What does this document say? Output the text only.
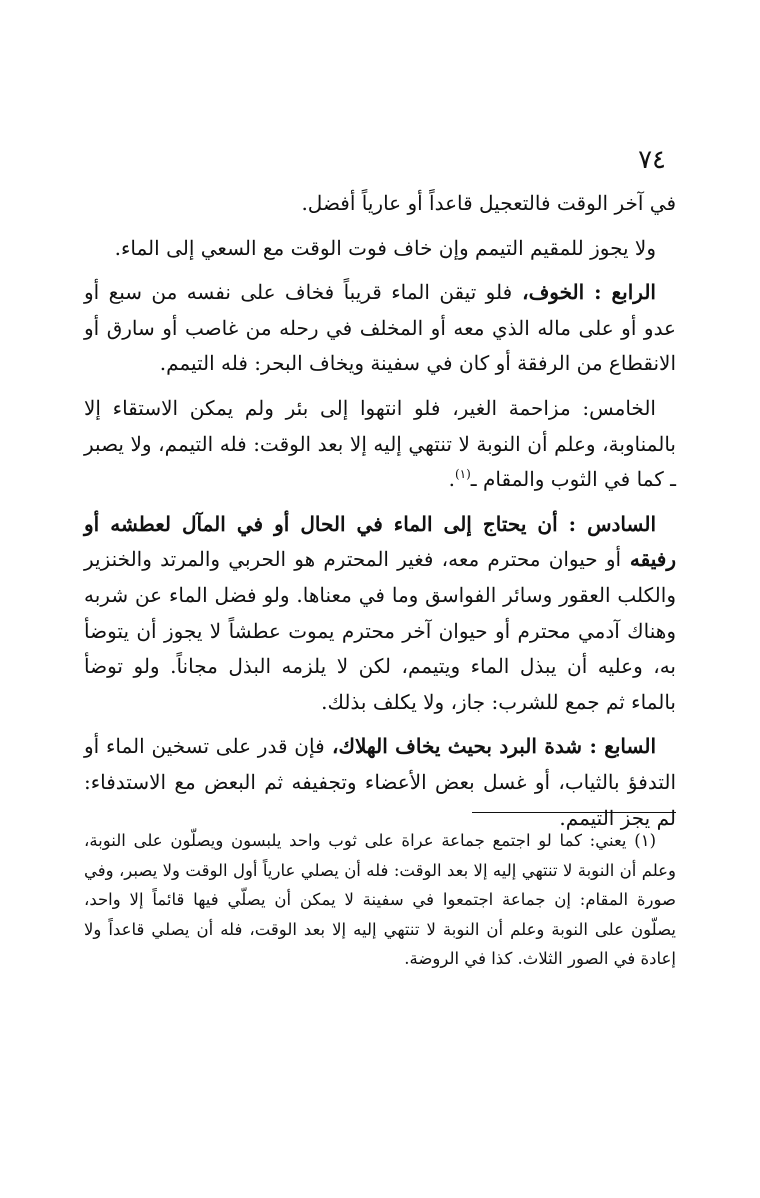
٧٤

في آخر الوقت فالتعجيل قاعداً أو عارياً أفضل.

ولا يجوز للمقيم التيمم وإن خاف فوت الوقت مع السعي إلى الماء.

الرابع : الخوف، فلو تيقن الماء قريباً فخاف على نفسه من سبع أو عدو أو على ماله الذي معه أو المخلف في رحله من غاصب أو سارق أو الانقطاع من الرفقة أو كان في سفينة ويخاف البحر: فله التيمم.

الخامس: مزاحمة الغير، فلو انتهوا إلى بئر ولم يمكن الاستقاء إلا بالمناوبة، وعلم أن النوبة لا تنتهي إليه إلا بعد الوقت: فله التيمم، ولا يصبر ـ كما في الثوب والمقام ـ$^{(١)}$.

السادس : أن يحتاج إلى الماء في الحال أو في المآل لعطشه أو رفيقه أو حيوان محترم معه، فغير المحترم هو الحربي والمرتد والخنزير والكلب العقور وسائر الفواسق وما في معناها. ولو فضل الماء عن شربه وهناك آدمي محترم أو حيوان آخر محترم يموت عطشاً لا يجوز أن يتوضأ به، وعليه أن يبذل الماء ويتيمم، لكن لا يلزمه البذل مجاناً. ولو توضأ بالماء ثم جمع للشرب: جاز، ولا يكلف بذلك.

السابع : شدة البرد بحيث يخاف الهلاك، فإن قدر على تسخين الماء أو التدفؤ بالثياب، أو غسل بعض الأعضاء وتجفيفه ثم البعض مع الاستدفاء: لم يجز التيمم.

(١) يعني: كما لو اجتمع جماعة عراة على ثوب واحد يلبسون ويصلّون على النوبة، وعلم أن النوبة لا تنتهي إليه إلا بعد الوقت: فله أن يصلي عارياً أول الوقت ولا يصبر، وفي صورة المقام: إن جماعة اجتمعوا في سفينة لا يمكن أن يصلّي فيها قائماً إلا واحد، يصلّون على النوبة وعلم أن النوبة لا تنتهي إليه إلا بعد الوقت، فله أن يصلي قاعداً ولا إعادة في الصور الثلاث. كذا في الروضة.
